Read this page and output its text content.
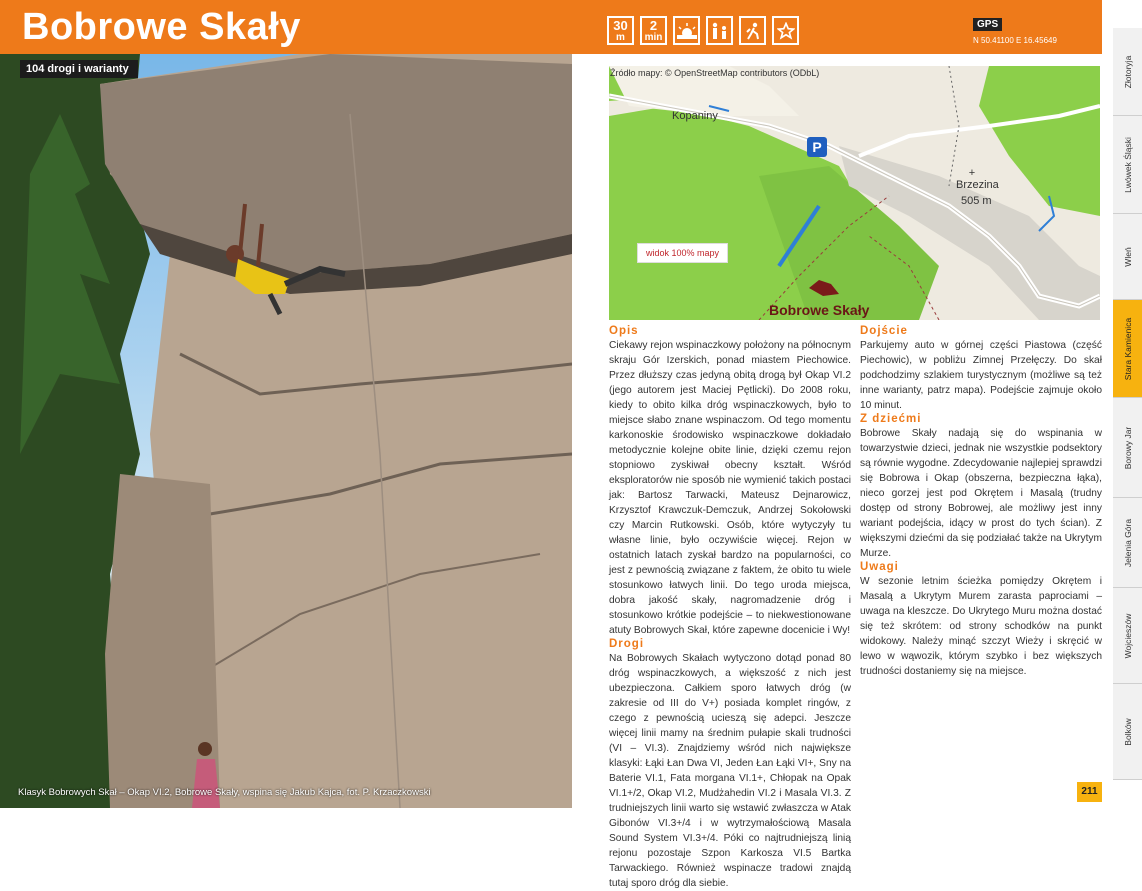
Bobrowe Skały	30
m
2
min
GPS
N 50.41100 E 16.45649
104 drogi i warianty
Klasyk Bobrowych Skał – Okap VI.2, Bobrowe Skały, wspina się Jakub Kajca, fot. P. Krzaczkowski
P
+
Kopaniny
Brzezina
505 m
widok 100% mapy
Bobrowe Skały
Źródło mapy: © OpenStreetMap contributors (ODbL)
Opis

Ciekawy rejon wspinaczkowy położony na północnym skraju Gór Izerskich, ponad miastem Piechowice. Przez dłuższy czas jedyną obitą drogą był Okap VI.2 (jego autorem jest Maciej Pętlicki). Do 2008 roku, kiedy to obito kilka dróg wspinaczkowych, było to miejsce słabo znane wspinaczom. Od tego momentu karkonoskie środowisko wspinaczkowe dokładało metodycznie kolejne obite linie, dzięki czemu rejon stopniowo zyskiwał obecny kształt. Wśród eksploratorów nie sposób nie wymienić takich postaci jak: Bartosz Tarwacki, Mateusz Dejnarowicz, Krzysztof Krawczuk-Demczuk, Andrzej Sokołowski czy Marcin Rutkowski. Osób, które wytyczyły tu własne linie, było oczywiście więcej. Rejon w ostatnich latach zyskał bardzo na popularności, co jest z pewnością związane z faktem, że obito tu wiele stosunkowo łatwych linii. Do tego uroda miejsca, dobra jakość skały, nagromadzenie dróg i stosunkowo krótkie podejście – to niekwestionowane atuty Bobrowych Skał, które zapewne docenicie i Wy!

Drogi

Na Bobrowych Skałach wytyczono dotąd ponad 80 dróg wspinaczkowych, a większość z nich jest ubezpieczona. Całkiem sporo łatwych dróg (w zakresie od III do V+) posiada komplet ringów, z czego z pewnością ucieszą się adepci. Jeszcze więcej linii mamy na średnim pułapie skali trudności (VI – VI.3). Znajdziemy wśród nich największe klasyki: Łąki Łan Dwa VI, Jeden Łan Łąki VI+, Sny na Baterie VI.1, Fata morgana VI.1+, Chłopak na Opak VI.1+/2, Okap VI.2, Mudżahedin VI.2 i Masala VI.3. Z trudniejszych linii warto się wstawić zwłaszcza w Atak Gibonów VI.3+/4 i w wytrzymałościową Masala Sound System VI.3+/4. Póki co najtrudniejszą linią rejonu pozostaje Szpon Karkosza VI.5 Bartka Tarwackiego. Również wspinacze tradowi znajdą tutaj sporo dróg dla siebie.

Dojście

Parkujemy auto w górnej części Piastowa (część Piechowic), w pobliżu Zimnej Przełęczy. Do skał podchodzimy szlakiem turystycznym (możliwe są też inne warianty, patrz mapa). Podejście zajmuje około 10 minut.

Z dziećmi

Bobrowe Skały nadają się do wspinania w towarzystwie dzieci, jednak nie wszystkie podsektory są równie wygodne. Zdecydowanie najlepiej sprawdzi się Bobrowa i Okap (obszerna, bezpieczna łąka), nieco gorzej jest pod Okrętem i Masalą (trudny dostęp od strony Bobrowej, ale możliwy jest inny wariant podejścia, idący w prost do tych ścian). Z większymi dziećmi da się podziałać także na Ukrytym Murze.

Uwagi

W sezonie letnim ścieżka pomiędzy Okrętem i Masalą a Ukrytym Murem zarasta paprociami – uwaga na kleszcze. Do Ukrytego Muru można dostać się też skrótem: od strony schodków na punkt widokowy. Należy minąć szczyt Wieży i skręcić w lewo w wąwozik, którym szybko i bez większych trudności dostaniemy się na miejsce.

Złotoryja
Lwówek Śląski
Wleń
Stara Kamienica
Borowy Jar
Jelenia Góra
Wojcieszów
Bolków
211
